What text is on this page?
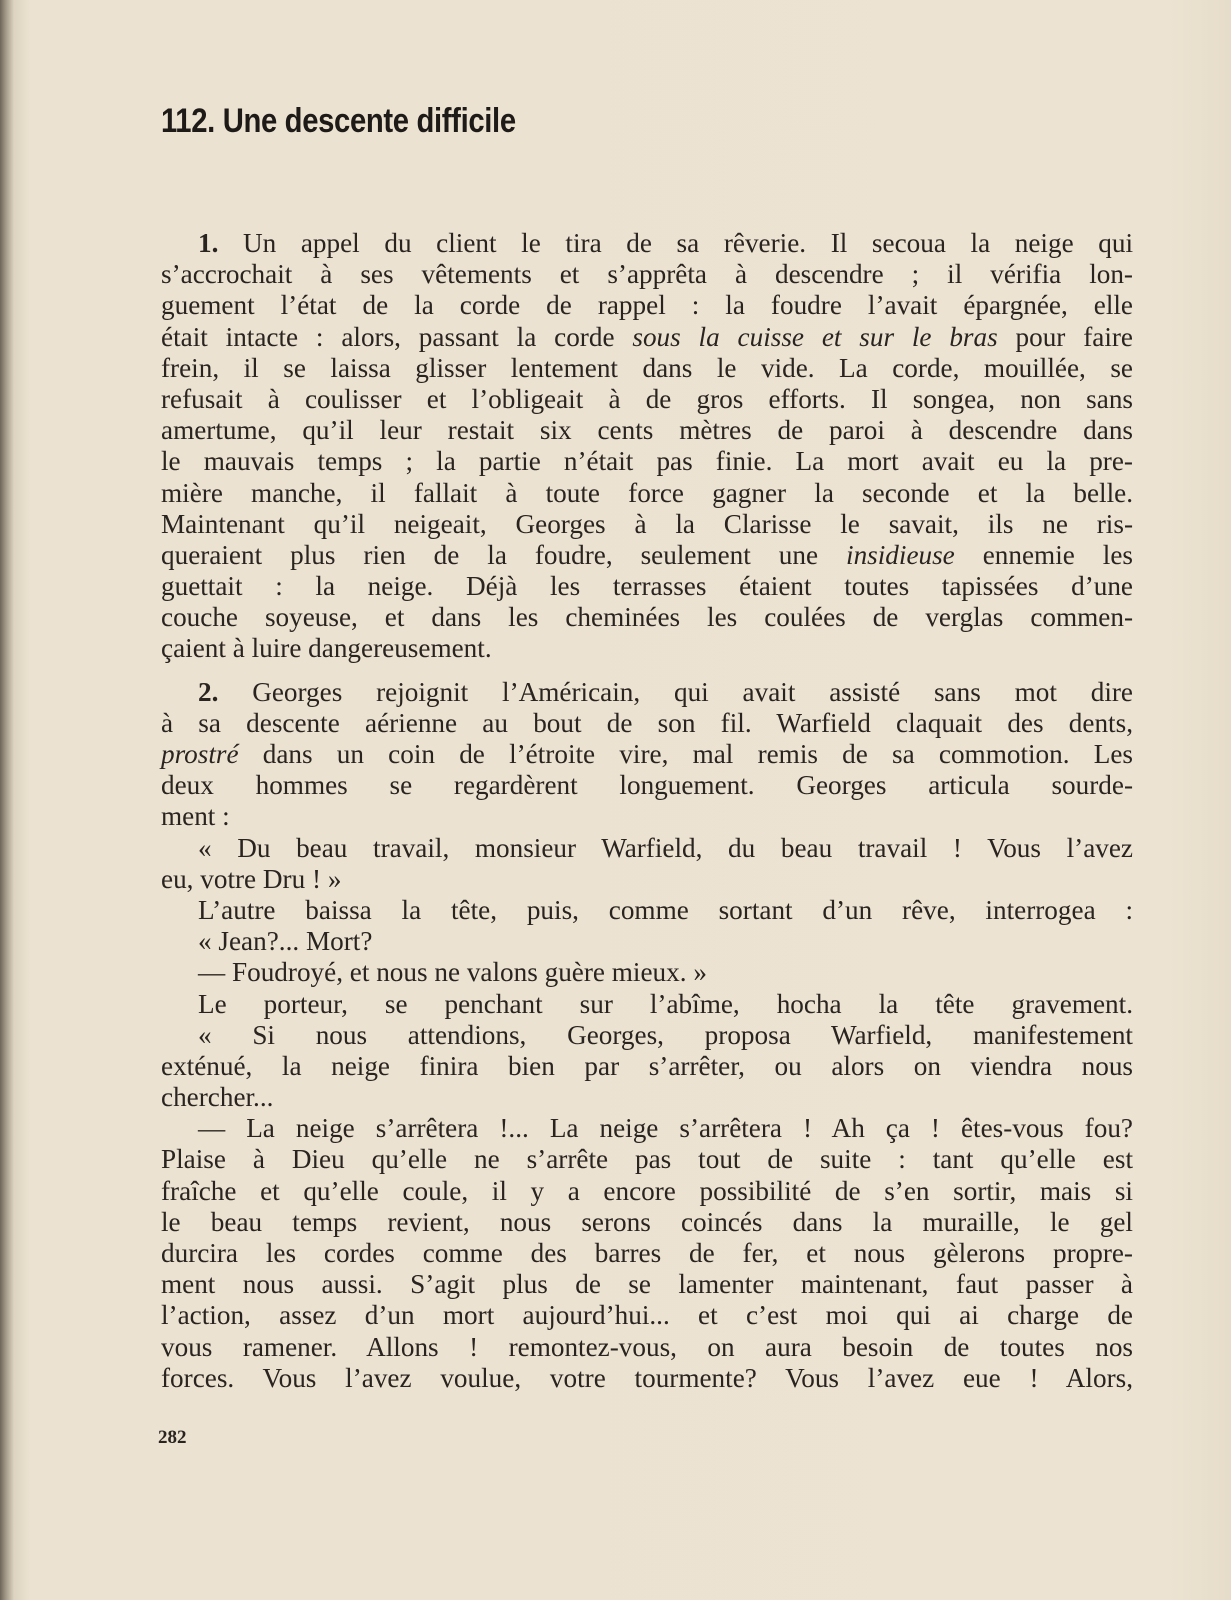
112. Une descente difficile
1. Un appel du client le tira de sa rêverie. Il secoua la neige qui
s’accrochait à ses vêtements et s’apprêta à descendre ; il vérifia lon-
guement l’état de la corde de rappel : la foudre l’avait épargnée, elle
était intacte : alors, passant la corde sous la cuisse et sur le bras pour faire
frein, il se laissa glisser lentement dans le vide. La corde, mouillée, se
refusait à coulisser et l’obligeait à de gros efforts. Il songea, non sans
amertume, qu’il leur restait six cents mètres de paroi à descendre dans
le mauvais temps ; la partie n’était pas finie. La mort avait eu la pre-
mière manche, il fallait à toute force gagner la seconde et la belle.
Maintenant qu’il neigeait, Georges à la Clarisse le savait, ils ne ris-
queraient plus rien de la foudre, seulement une insidieuse ennemie les
guettait : la neige. Déjà les terrasses étaient toutes tapissées d’une
couche soyeuse, et dans les cheminées les coulées de verglas commen-
çaient à luire dangereusement.
2. Georges rejoignit l’Américain, qui avait assisté sans mot dire
à sa descente aérienne au bout de son fil. Warfield claquait des dents,
prostré dans un coin de l’étroite vire, mal remis de sa commotion. Les
deux hommes se regardèrent longuement. Georges articula sourde-
ment :
« Du beau travail, monsieur Warfield, du beau travail ! Vous l’avez
eu, votre Dru ! »
L’autre baissa la tête, puis, comme sortant d’un rêve, interrogea :
« Jean?... Mort?
— Foudroyé, et nous ne valons guère mieux. »
Le porteur, se penchant sur l’abîme, hocha la tête gravement.
« Si nous attendions, Georges, proposa Warfield, manifestement
exténué, la neige finira bien par s’arrêter, ou alors on viendra nous
chercher...
— La neige s’arrêtera !... La neige s’arrêtera ! Ah ça ! êtes-vous fou?
Plaise à Dieu qu’elle ne s’arrête pas tout de suite : tant qu’elle est
fraîche et qu’elle coule, il y a encore possibilité de s’en sortir, mais si
le beau temps revient, nous serons coincés dans la muraille, le gel
durcira les cordes comme des barres de fer, et nous gèlerons propre-
ment nous aussi. S’agit plus de se lamenter maintenant, faut passer à
l’action, assez d’un mort aujourd’hui... et c’est moi qui ai charge de
vous ramener. Allons ! remontez-vous, on aura besoin de toutes nos
forces. Vous l’avez voulue, votre tourmente? Vous l’avez eue ! Alors,
282
